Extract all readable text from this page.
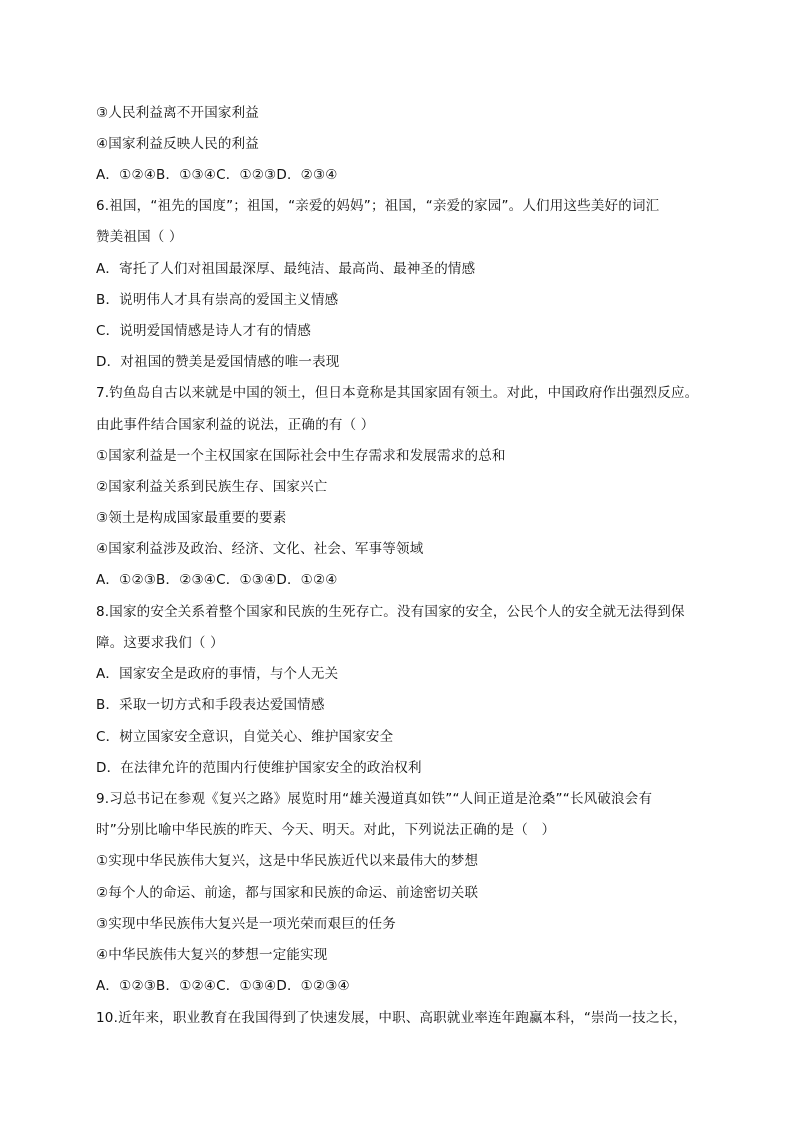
③人民利益离不开国家利益
④国家利益反映人民的利益
A．①②④B．①③④C．①②③D．②③④
6.祖国，“祖先的国度”；祖国，“亲爱的妈妈”；祖国，“亲爱的家园”。人们用这些美好的词汇
赞美祖国（ ）
A．寄托了人们对祖国最深厚、最纯洁、最高尚、最神圣的情感
B．说明伟人才具有崇高的爱国主义情感
C．说明爱国情感是诗人才有的情感
D．对祖国的赞美是爱国情感的唯一表现
7.钓鱼岛自古以来就是中国的领土，但日本竟称是其国家固有领土。对此，中国政府作出强烈反应。
由此事件结合国家利益的说法，正确的有（ ）
①国家利益是一个主权国家在国际社会中生存需求和发展需求的总和
②国家利益关系到民族生存、国家兴亡
③领土是构成国家最重要的要素
④国家利益涉及政治、经济、文化、社会、军事等领域
A．①②③B．②③④C．①③④D．①②④
8.国家的安全关系着整个国家和民族的生死存亡。没有国家的安全，公民个人的安全就无法得到保
障。这要求我们（ ）
A．国家安全是政府的事情，与个人无关
B．采取一切方式和手段表达爱国情感
C．树立国家安全意识，自觉关心、维护国家安全
D．在法律允许的范围内行使维护国家安全的政治权利
9.习总书记在参观《复兴之路》展览时用“雄关漫道真如铁”“人间正道是沧桑”“长风破浪会有
时”分别比喻中华民族的昨天、今天、明天。对此，下列说法正确的是（　）
①实现中华民族伟大复兴，这是中华民族近代以来最伟大的梦想
②每个人的命运、前途，都与国家和民族的命运、前途密切关联
③实现中华民族伟大复兴是一项光荣而艰巨的任务
④中华民族伟大复兴的梦想一定能实现
A．①②③B．①②④C．①③④D．①②③④
10.近年来，职业教育在我国得到了快速发展，中职、高职就业率连年跑赢本科，“崇尚一技之长，
